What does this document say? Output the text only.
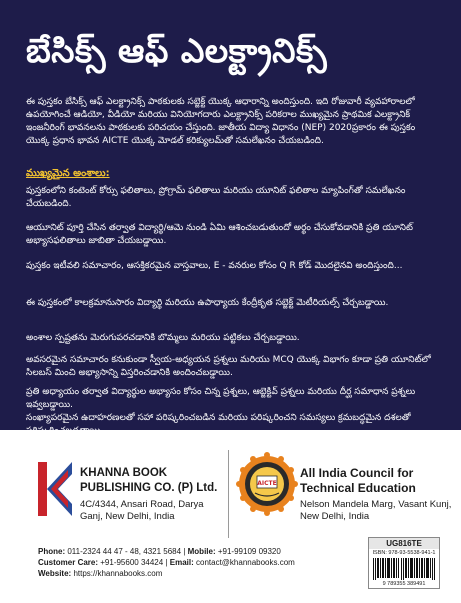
బేసిక్స్ ఆఫ్ ఎలక్ట్రానిక్స్
ఈ పుస్తకం బేసిక్స్ ఆఫ్ ఎలక్ట్రానిక్స్ పాఠకులకు సబ్జెక్ట్ యొక్క ఆధారాన్ని అందిస్తుంది. ఇది రోజువారీ వ్యవహారాలలో ఉపయోగించే ఆడియో, వీడియో మరియు వినియోగదారు ఎలక్ట్రానిక్స్ పరికరాల ముఖ్యమైన ప్రాథమిక ఎలక్ట్రానిక్ ఇంజనీరింగ్ భావనలను పాఠకులకు పరిచయం చేస్తుంది. జాతీయ విద్యా విధానం (NEP) 2020ప్రకారం ఈ పుస్తకం యొక్క ప్రధాన భావన AICTE యొక్క మోడల్ కరిక్యులమ్‌తో సమలేఖనం చేయబడింది.
ముఖ్యమైన అంశాలు:
పుస్తకంలోని కంటెంట్ కోర్సు ఫలితాలు, ప్రోగ్రామ్ ఫలితాలు మరియు యూనిట్ ఫలితాల మ్యాపింగ్‌తో సమలేఖనం చేయబడింది.
ఆయూనిట్ పూర్తి చేసిన తర్వాత విద్యార్థి/ఆమె నుండి ఏమి ఆశించబడుతుందో అర్థం చేసుకోవడానికి ప్రతి యూనిట్ అభ్యాసఫలితాలు జాబితా చేయబడ్డాయి.
పుస్తకం ఇటీవలి సమాచారం, ఆసక్తికరమైన వాస్తవాలు, E - వనరుల కోసం Q R కోడ్ మొదలైనవి అందిస్తుంది...
ఈ పుస్తకంలో కాలక్రమానుసారం విద్యార్థి మరియు ఉపాధ్యాయ కేంద్రీకృత సబ్జెక్ట్ మెటీరియల్స్ చేర్చబడ్డాయి.
అంశాల స్పష్టతను మెరుగుపరచడానికి బొమ్మలు మరియు పట్టికలు చేర్చబడ్డాయి.
అవసరమైన సమాచారం కనుకుండా స్వీయ-అధ్యయన ప్రశ్నలు మరియు MCQ యొక్క విభాగం కూడా ప్రతి యూనిట్‌లో సిలబస్ మించి అభ్యాసాన్ని విస్తరించడానికి అందించబడ్డాయి.
ప్రతి అధ్యాయం తర్వాత విద్యార్థుల అభ్యాసం కోసం చిన్న ప్రశ్నలు, ఆబ్జెక్టివ్ ప్రశ్నలు మరియు దీర్ఘ సమాధాన ప్రశ్నలు ఇవ్వబడ్డాయి.
సంఖ్యాపరమైన ఉదాహరణలతో సహా పరిష్కరించబడిన మరియు పరిష్కరించని సమస్యలు క్రమబద్ధమైన దశలతో
KHANNA BOOK PUBLISHING CO. (P) Ltd.
4C/4344, Ansari Road, Darya Ganj, New Delhi, India
AICTE
All India Council for Technical Education
Nelson Mandela Marg, Vasant Kunj, New Delhi, India
Phone: 011-2324 44 47 - 48, 4321 5684 | Mobile: +91-99109 09320
Customer Care: +91-95600 34424 | Email: contact@khannabooks.com
Website: https://khannabooks.com
UG816TE
ISBN: 978-93-5538-941-1
9 789355 389491
